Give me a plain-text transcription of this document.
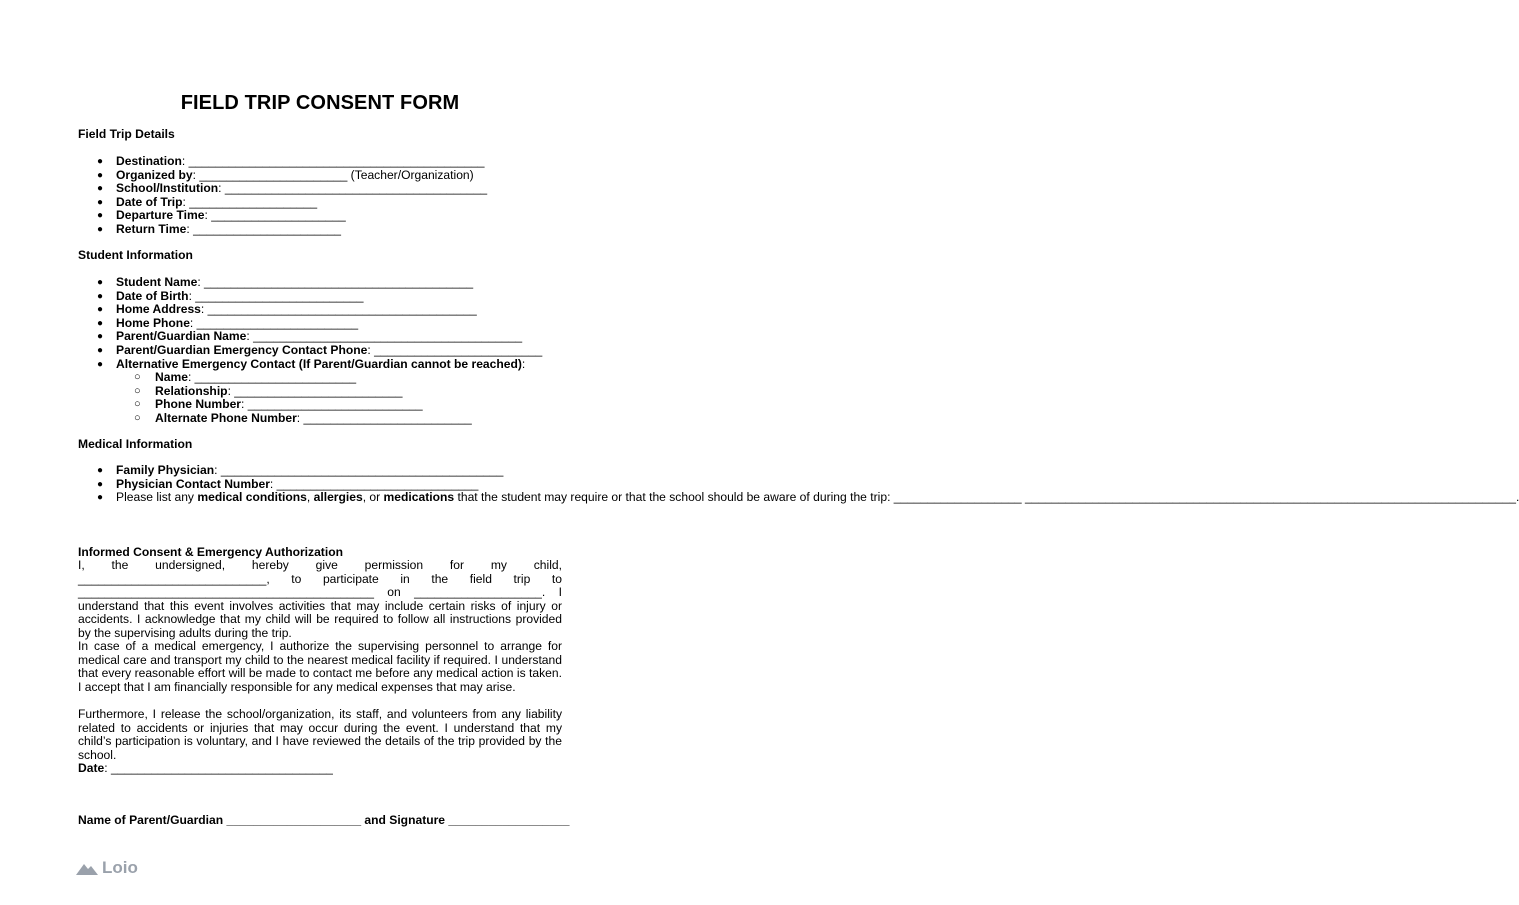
FIELD TRIP CONSENT FORM
Field Trip Details
● Destination: ____________________________________________
● Organized by: ______________________ (Teacher/Organization)
● School/Institution: _______________________________________
● Date of Trip: ___________________
● Departure Time: ____________________
● Return Time: ______________________
Student Information
● Student Name: ________________________________________
● Date of Birth: _________________________
● Home Address: ________________________________________
● Home Phone: ________________________
● Parent/Guardian Name: ________________________________________
● Parent/Guardian Emergency Contact Phone: _________________________
● Alternative Emergency Contact (If Parent/Guardian cannot be reached):
○ Name: ________________________
○ Relationship: _________________________
○ Phone Number: __________________________
○ Alternate Phone Number: _________________________
Medical Information
● Family Physician: __________________________________________
● Physician Contact Number: ______________________________
● Please list any medical conditions, allergies, or medications that the student may require or that the school should be aware of during the trip: ___________________ _________________________________________________________________________.
Informed Consent & Emergency Authorization

I, the undersigned, hereby give permission for my child, ____________________________, to participate in the field trip to ____________________________________________ on ___________________. I understand that this event involves activities that may include certain risks of injury or accidents. I acknowledge that my child will be required to follow all instructions provided by the supervising adults during the trip.

In case of a medical emergency, I authorize the supervising personnel to arrange for medical care and transport my child to the nearest medical facility if required. I understand that every reasonable effort will be made to contact me before any medical action is taken. I accept that I am financially responsible for any medical expenses that may arise.

Furthermore, I release the school/organization, its staff, and volunteers from any liability related to accidents or injuries that may occur during the event. I understand that my child’s participation is voluntary, and I have reviewed the details of the trip provided by the school.

Date: _________________________________
Name of Parent/Guardian ____________________ and Signature __________________
Loio
